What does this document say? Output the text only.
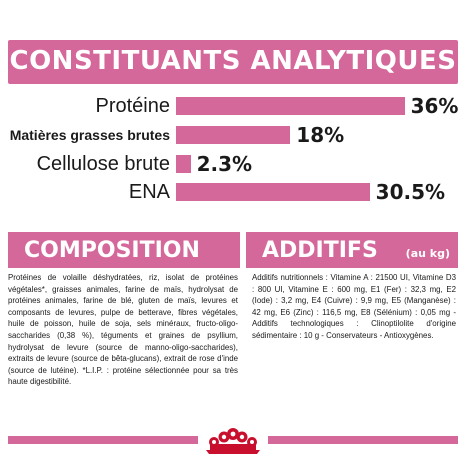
CONSTITUANTS ANALYTIQUES
Protéine	36%
Matières grasses brutes	18%
Cellulose brute 2.3%
ENA	30.5%
COMPOSITION
Protéines de volaille déshydratées, riz, isolat de protéines végétales*, graisses animales, farine de maïs, hydrolysat de protéines animales, farine de blé, gluten de maïs, levures et composants de levures, pulpe de betterave, fibres végétales, huile de poisson, huile de soja, sels minéraux, fructo-oligo-saccharides (0,38 %), téguments et graines de psyllium, hydrolysat de levure (source de manno-oligo-saccharides), extraits de levure (source de bêta-glucans), extrait de rose d'inde (source de lutéine). *L.I.P. : protéine sélectionnée pour sa très haute digestibilité.
ADDITIFS	(au kg)
Additifs nutritionnels : Vitamine A : 21500 UI, Vitamine D3 : 800 UI, Vitamine E : 600 mg, E1 (Fer) : 32,3 mg, E2 (Iode) : 3,2 mg, E4 (Cuivre) : 9,9 mg, E5 (Manganèse) : 42 mg, E6 (Zinc) : 116,5 mg, E8 (Sélénium) : 0,05 mg - Additifs technologiques : Clinoptilolite d'origine sédimentaire : 10 g - Conservateurs - Antioxygènes.
